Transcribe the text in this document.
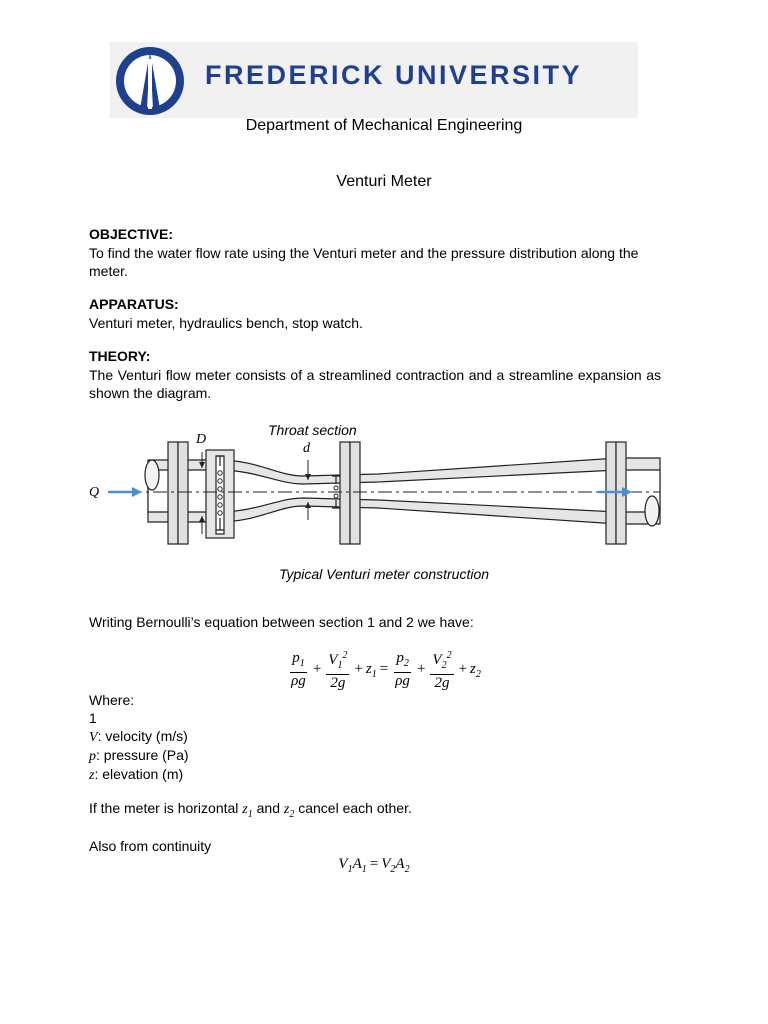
FREDERICK UNIVERSITY
Department of Mechanical Engineering
Venturi Meter
OBJECTIVE:
To find the water flow rate using the Venturi meter and the pressure distribution along the meter.
APPARATUS:
Venturi meter, hydraulics bench, stop watch.
THEORY:
The Venturi flow meter consists of a streamlined contraction and a streamline expansion as shown the diagram.
Throat section
D
d
Q
Typical Venturi meter construction
Writing Bernoulli’s equation between section 1 and 2 we have:
$\frac{p_1}{\rho g} + \frac{V_1^2}{2g} + z_1 = \frac{p_2}{\rho g} + \frac{V_2^2}{2g} + z_2$
Where:
1
V: velocity (m/s)
p: pressure (Pa)
z: elevation (m)
If the meter is horizontal $z_1$ and $z_2$ cancel each other.
Also from continuity
$V_1A_1 = V_2A_2$
